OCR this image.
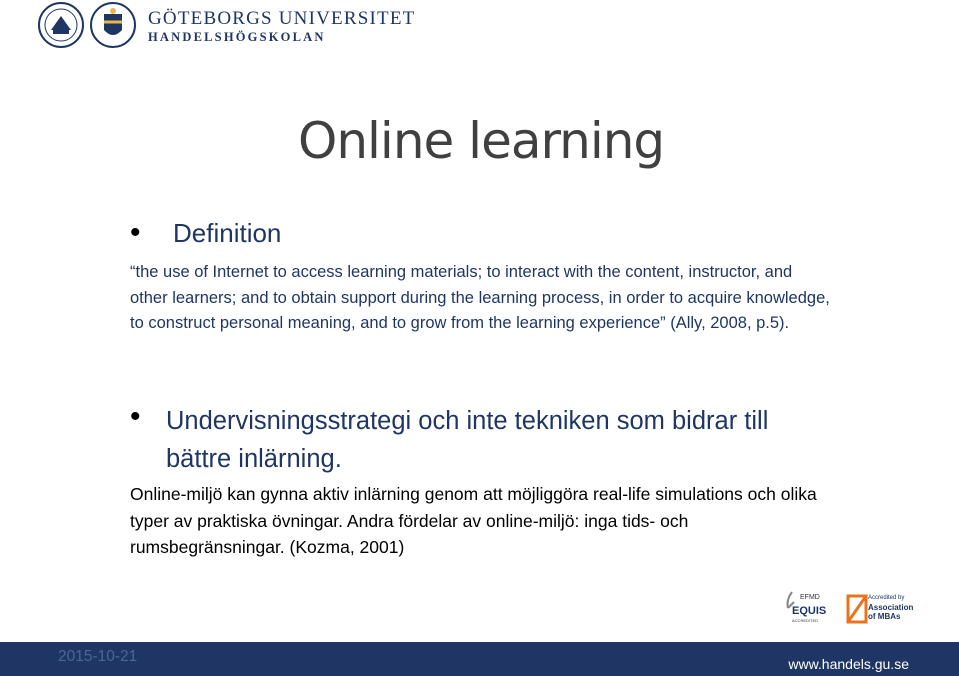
GÖTEBORGS UNIVERSITET
HANDELSHÖGSKOLAN
Online learning
• Definition

“the use of Internet to access learning materials; to interact with the content, instructor, and other learners; and to obtain support during the learning process, in order to acquire knowledge, to construct personal meaning, and to grow from the learning experience” (Ally, 2008, p.5).

• Undervisningsstrategi och inte tekniken som bidrar till bättre inlärning.

Online-miljö kan gynna aktiv inlärning genom att möjliggöra real-life simulations och olika typer av praktiska övningar. Andra fördelar av online-miljö: inga tids- och rumsbegränsningar. (Kozma, 2001)

EFMD
EQUIS
ACCREDITED
Accredited by
Association
of MBAs
2015-10-21	www.handels.gu.se
